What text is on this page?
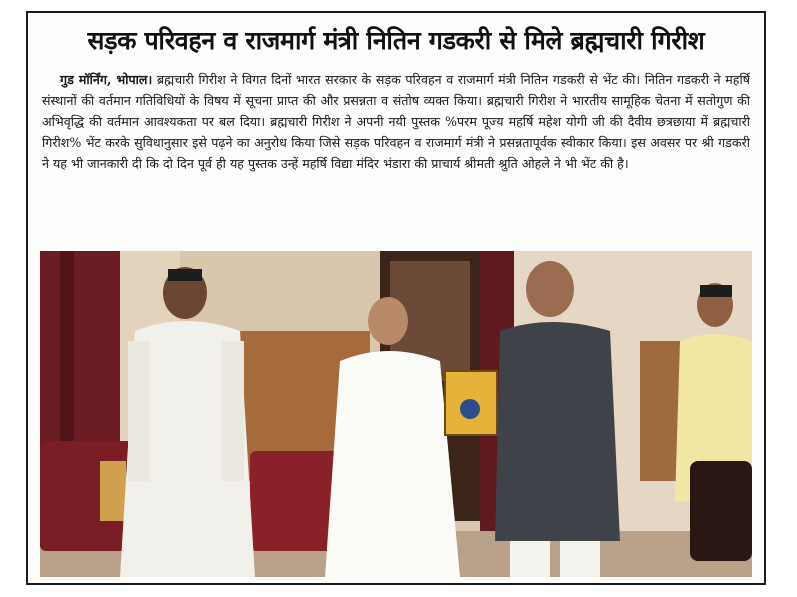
सड़क परिवहन व राजमार्ग मंत्री नितिन गडकरी से मिले ब्रह्मचारी गिरीश
गुड मॉर्निंग, भोपाल। ब्रह्मचारी गिरीश ने विगत दिनों भारत सरकार के सड़क परिवहन व राजमार्ग मंत्री नितिन गडकरी से भेंट की। नितिन गडकरी ने महर्षि संस्थानों की वर्तमान गतिविधियों के विषय में सूचना प्राप्त की और प्रसन्नता व संतोष व्यक्त किया। ब्रह्मचारी गिरीश ने भारतीय सामूहिक चेतना में सतोगुण की अभिवृद्धि की वर्तमान आवश्यकता पर बल दिया। ब्रह्मचारी गिरीश ने अपनी नयी पुस्तक %परम पूज्य महर्षि महेश योगी जी की दैवीय छत्रछाया में ब्रह्मचारी गिरीश% भेंट करके सुविधानुसार इसे पढ़ने का अनुरोध किया जिसे सड़क परिवहन व राजमार्ग मंत्री ने प्रसन्नतापूर्वक स्वीकार किया। इस अवसर पर श्री गडकरी ने यह भी जानकारी दी कि दो दिन पूर्व ही यह पुस्तक उन्हें महर्षि विद्या मंदिर भंडारा की प्राचार्य श्रीमती श्रुति ओहले ने भी भेंट की है।
